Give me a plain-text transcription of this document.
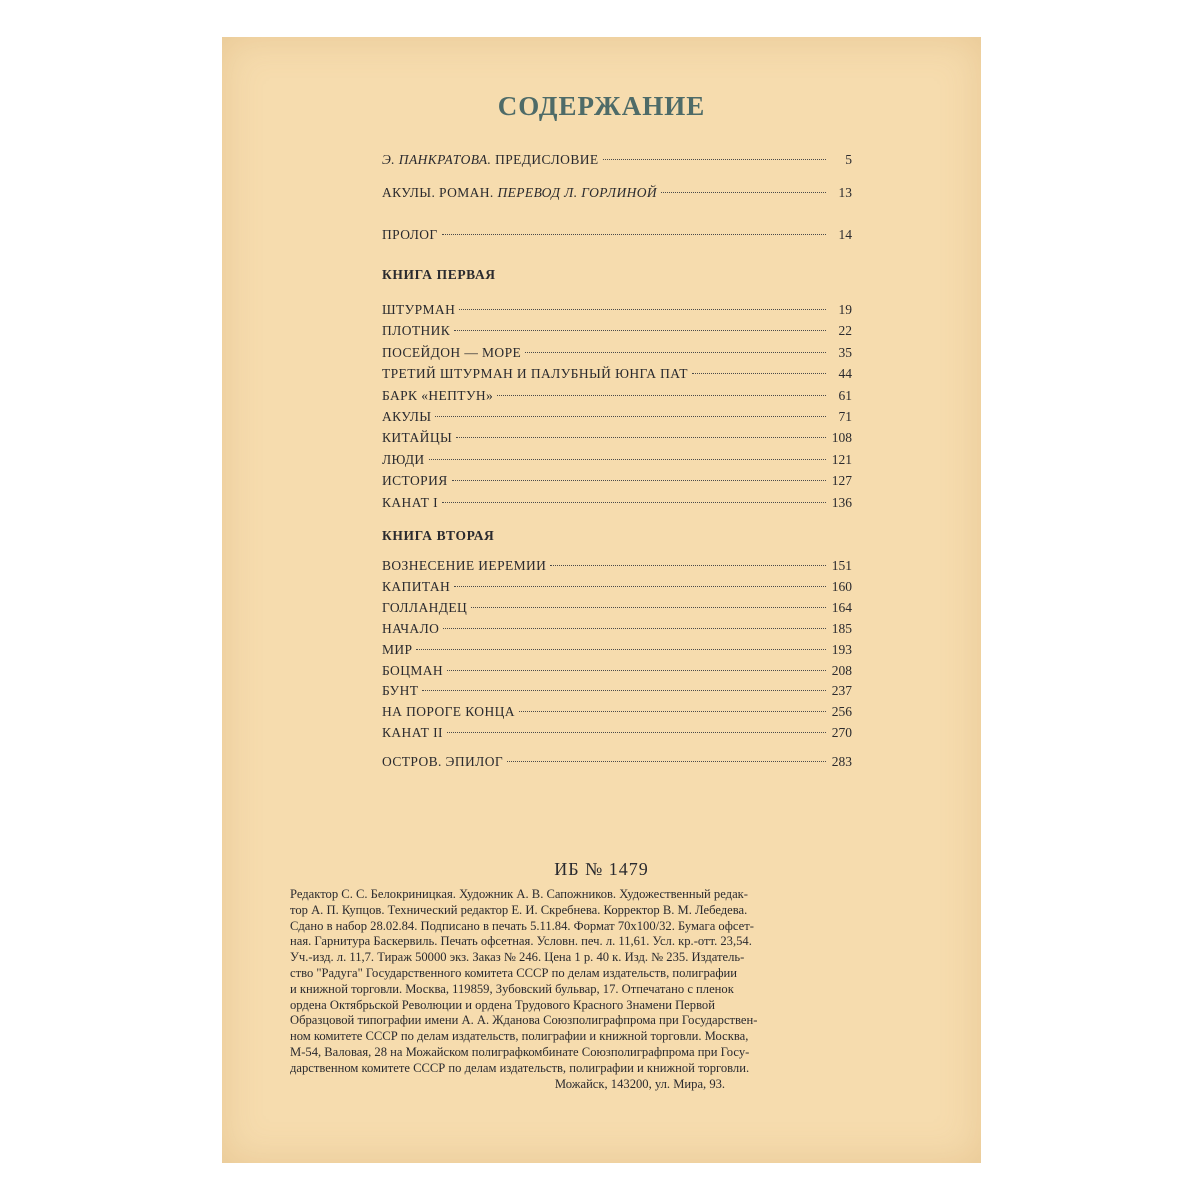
СОДЕРЖАНИЕ
Э. ПАНКРАТОВА. ПРЕДИСЛОВИЕ	5
АКУЛЫ. РОМАН. ПЕРЕВОД Л. ГОРЛИНОЙ	13
ПРОЛОГ	14
КНИГА ПЕРВАЯ
ШТУРМАН	19
ПЛОТНИК	22
ПОСЕЙДОН — МОРЕ	35
ТРЕТИЙ ШТУРМАН И ПАЛУБНЫЙ ЮНГА ПАТ	44
БАРК «НЕПТУН»	61
АКУЛЫ	71
КИТАЙЦЫ	108
ЛЮДИ	121
ИСТОРИЯ	127
КАНАТ I	136
КНИГА ВТОРАЯ
ВОЗНЕСЕНИЕ ИЕРЕМИИ	151
КАПИТАН	160
ГОЛЛАНДЕЦ	164
НАЧАЛО	185
МИР	193
БОЦМАН	208
БУНТ	237
НА ПОРОГЕ КОНЦА	256
КАНАТ II	270
ОСТРОВ. ЭПИЛОГ	283
ИБ № 1479
Редактор С. С. Белокриницкая. Художник А. В. Сапожников. Художественный редак-
тор А. П. Купцов. Технический редактор Е. И. Скребнева. Корректор В. М. Лебедева.
Сдано в набор 28.02.84. Подписано в печать 5.11.84. Формат 70x100/32. Бумага офсет-
ная. Гарнитура Баскервиль. Печать офсетная. Условн. печ. л. 11,61. Усл. кр.-отт. 23,54.
Уч.-изд. л. 11,7. Тираж 50000 экз. Заказ № 246. Цена 1 р. 40 к. Изд. № 235. Издатель-
ство "Радуга" Государственного комитета СССР по делам издательств, полиграфии
и книжной торговли. Москва, 119859, Зубовский бульвар, 17. Отпечатано с пленок
ордена Октябрьской Революции и ордена Трудового Красного Знамени Первой
Образцовой типографии имени А. А. Жданова Союзполиграфпрома при Государствен-
ном комитете СССР по делам издательств, полиграфии и книжной торговли. Москва,
М-54, Валовая, 28 на Можайском полиграфкомбинате Союзполиграфпрома при Госу-
дарственном комитете СССР по делам издательств, полиграфии и книжной торговли.
Можайск, 143200, ул. Мира, 93.
